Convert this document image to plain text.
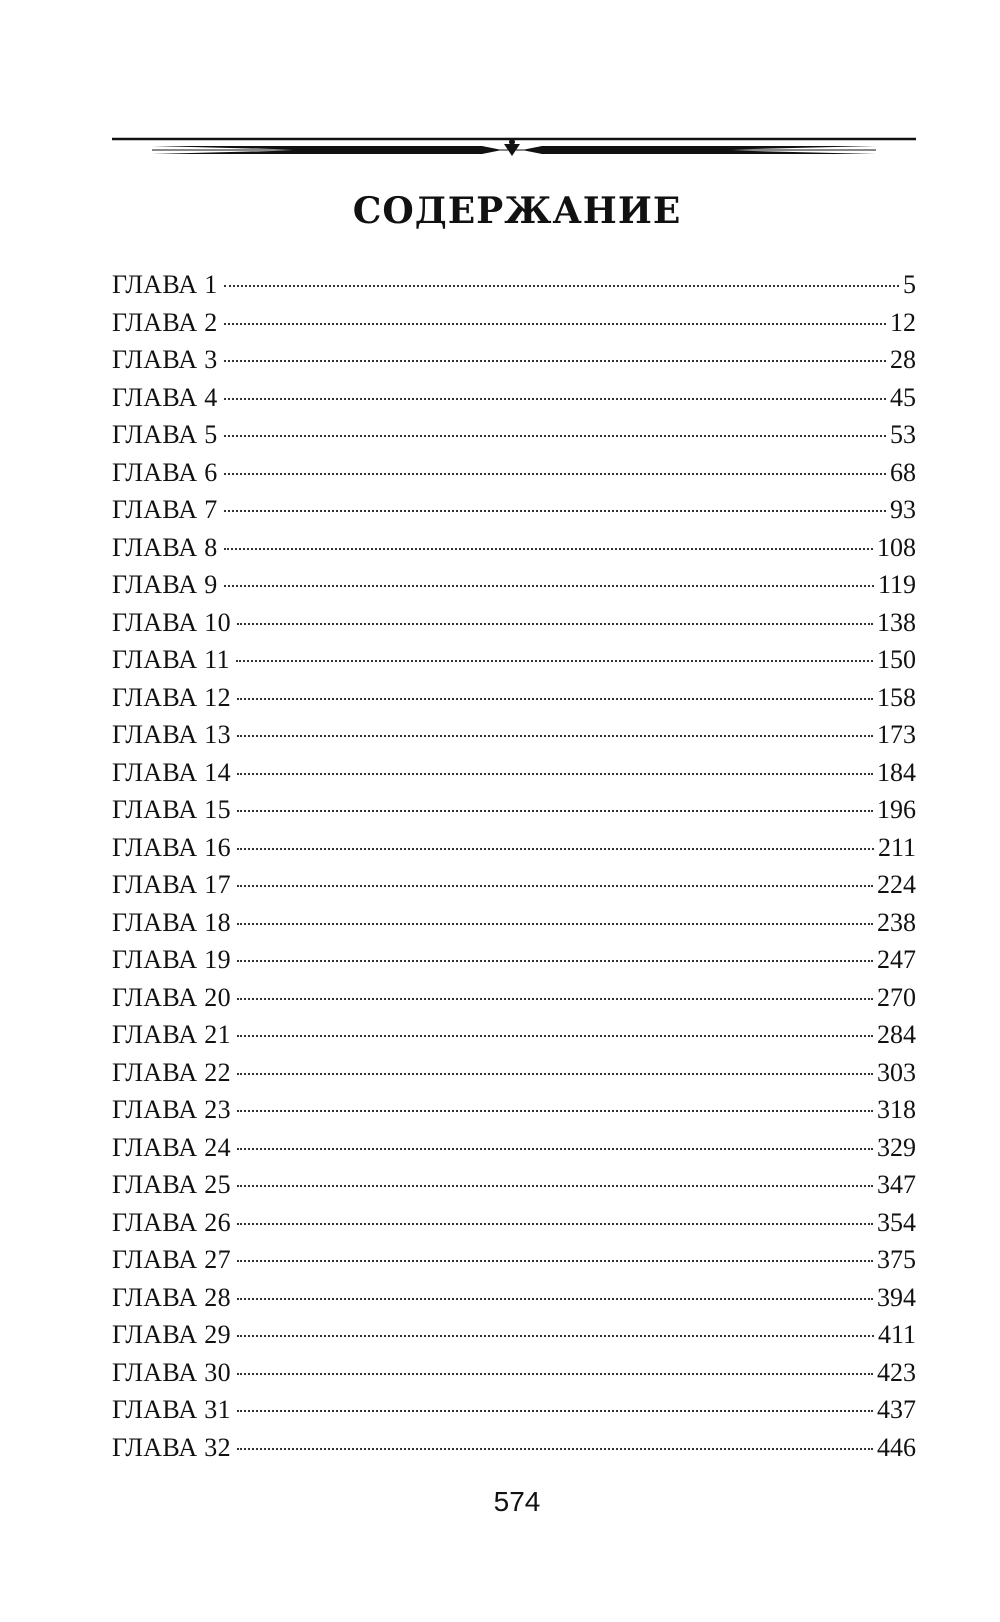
СОДЕРЖАНИЕ
ГЛАВА 1	5
ГЛАВА 2	12
ГЛАВА 3	28
ГЛАВА 4	45
ГЛАВА 5	53
ГЛАВА 6	68
ГЛАВА 7	93
ГЛАВА 8	108
ГЛАВА 9	119
ГЛАВА 10	138
ГЛАВА 11	150
ГЛАВА 12	158
ГЛАВА 13	173
ГЛАВА 14	184
ГЛАВА 15	196
ГЛАВА 16	211
ГЛАВА 17	224
ГЛАВА 18	238
ГЛАВА 19	247
ГЛАВА 20	270
ГЛАВА 21	284
ГЛАВА 22	303
ГЛАВА 23	318
ГЛАВА 24	329
ГЛАВА 25	347
ГЛАВА 26	354
ГЛАВА 27	375
ГЛАВА 28	394
ГЛАВА 29	411
ГЛАВА 30	423
ГЛАВА 31	437
ГЛАВА 32	446
574
